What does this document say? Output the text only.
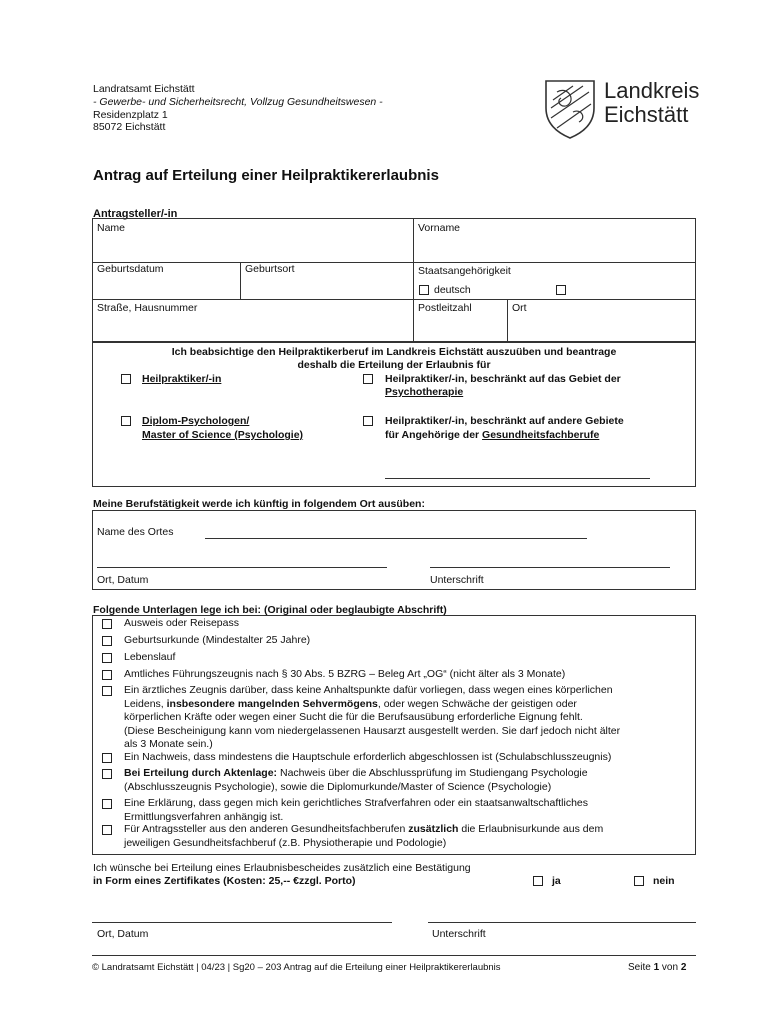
Landratsamt Eichstätt
- Gewerbe- und Sicherheitsrecht, Vollzug Gesundheitswesen -
Residenzplatz 1
85072 Eichstätt
Landkreis
Eichstätt
Antrag auf Erteilung einer Heilpraktikererlaubnis
Antragsteller/-in
Name	Vorname
Geburtsdatum	Geburtsort	Staatsangehörigkeit
deutsch
Straße, Hausnummer	Postleitzahl	Ort
Ich beabsichtige den Heilpraktikerberuf im Landkreis Eichstätt auszuüben und beantrage
deshalb die Erteilung der Erlaubnis für
Heilpraktiker/-in	Heilpraktiker/-in, beschränkt auf das Gebiet der
Psychotherapie
Diplom-Psychologen/
Master of Science (Psychologie)
Heilpraktiker/-in, beschränkt auf andere Gebiete
für Angehörige der Gesundheitsfachberufe
Meine Berufstätigkeit werde ich künftig in folgendem Ort ausüben:
Name des Ortes
Ort, Datum	Unterschrift
Folgende Unterlagen lege ich bei: (Original oder beglaubigte Abschrift)
Ausweis oder Reisepass
Geburtsurkunde (Mindestalter 25 Jahre)
Lebenslauf
Amtliches Führungszeugnis nach § 30 Abs. 5 BZRG – Beleg Art „OG“ (nicht älter als 3 Monate)
Ein ärztliches Zeugnis darüber, dass keine Anhaltspunkte dafür vorliegen, dass wegen eines körperlichen
Leidens, insbesondere mangelnden Sehvermögens, oder wegen Schwäche der geistigen oder
körperlichen Kräfte oder wegen einer Sucht die für die Berufsausübung erforderliche Eignung fehlt.
(Diese Bescheinigung kann vom niedergelassenen Hausarzt ausgestellt werden. Sie darf jedoch nicht älter
als 3 Monate sein.)
Ein Nachweis, dass mindestens die Hauptschule erforderlich abgeschlossen ist (Schulabschlusszeugnis)
Bei Erteilung durch Aktenlage: Nachweis über die Abschlussprüfung im Studiengang Psychologie
(Abschlusszeugnis Psychologie), sowie die Diplomurkunde/Master of Science (Psychologie)
Eine Erklärung, dass gegen mich kein gerichtliches Strafverfahren oder ein staatsanwaltschaftliches
Ermittlungsverfahren anhängig ist.
Für Antragssteller aus den anderen Gesundheitsfachberufen zusätzlich die Erlaubnisurkunde aus dem
jeweiligen Gesundheitsfachberuf (z.B. Physiotherapie und Podologie)
Ich wünsche bei Erteilung eines Erlaubnisbescheides zusätzlich eine Bestätigung
in Form eines Zertifikates (Kosten: 25,-- €zzgl. Porto)	ja	nein
Ort, Datum	Unterschrift
© Landratsamt Eichstätt | 04/23 | Sg20 – 203 Antrag auf die Erteilung einer Heilpraktikererlaubnis	Seite 1 von 2
